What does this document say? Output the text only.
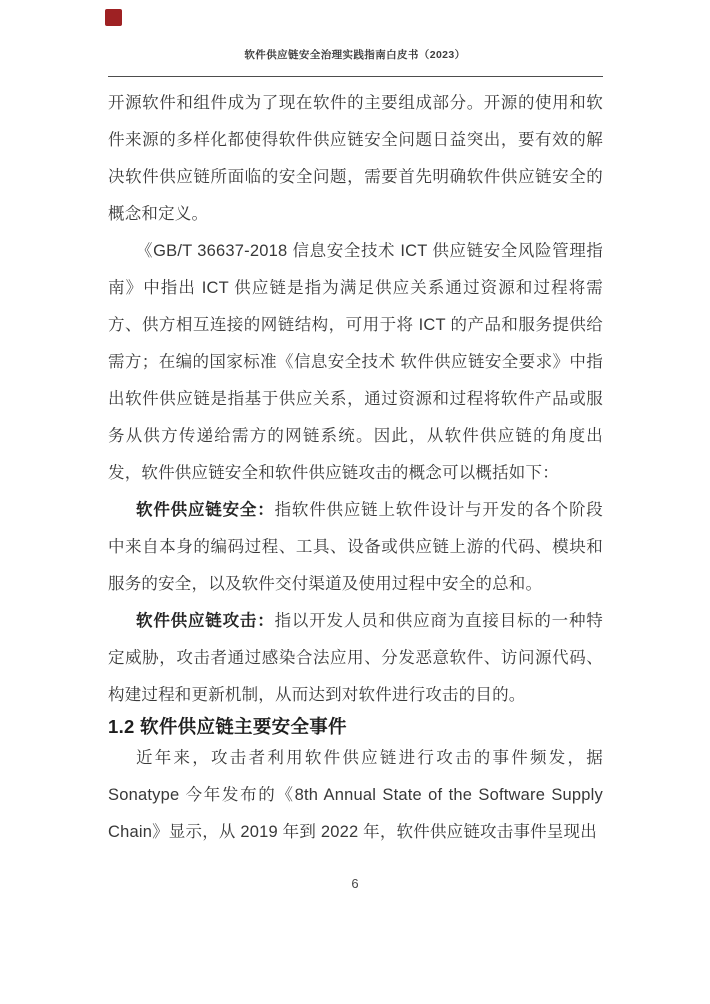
软件供应链安全治理实践指南白皮书（2023）

开源软件和组件成为了现在软件的主要组成部分。开源的使用和软件来源的多样化都使得软件供应链安全问题日益突出，要有效的解决软件供应链所面临的安全问题，需要首先明确软件供应链安全的概念和定义。

《GB/T 36637-2018 信息安全技术 ICT 供应链安全风险管理指南》中指出 ICT 供应链是指为满足供应关系通过资源和过程将需方、供方相互连接的网链结构，可用于将 ICT 的产品和服务提供给需方；在编的国家标准《信息安全技术 软件供应链安全要求》中指出软件供应链是指基于供应关系，通过资源和过程将软件产品或服务从供方传递给需方的网链系统。因此，从软件供应链的角度出发，软件供应链安全和软件供应链攻击的概念可以概括如下：

软件供应链安全：指软件供应链上软件设计与开发的各个阶段中来自本身的编码过程、工具、设备或供应链上游的代码、模块和服务的安全，以及软件交付渠道及使用过程中安全的总和。

软件供应链攻击：指以开发人员和供应商为直接目标的一种特定威胁，攻击者通过感染合法应用、分发恶意软件、访问源代码、构建过程和更新机制，从而达到对软件进行攻击的目的。

1.2 软件供应链主要安全事件

近年来，攻击者利用软件供应链进行攻击的事件频发，据 Sonatype 今年发布的《8th Annual State of the Software Supply Chain》显示，从 2019 年到 2022 年，软件供应链攻击事件呈现出

6
